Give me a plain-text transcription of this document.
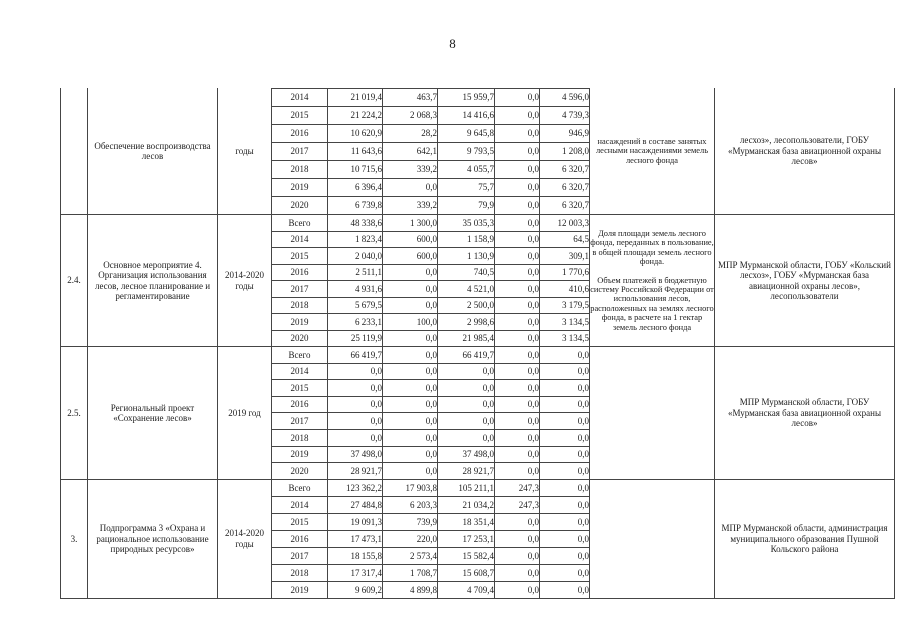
8
	Обеспечение воспроизводства лесов	годы	2014	21 019,4	463,7	15 959,7	0,0	4 596,0	насаждений в составе занятых лесными насаждениями земель лесного фонда	лесхоз», лесопользователи, ГОБУ «Мурманская база авиационной охраны лесов»
			2015	21 224,2	2 068,3	14 416,6	0,0	4 739,3		
			2016	10 620,9	28,2	9 645,8	0,0	946,9		
			2017	11 643,6	642,1	9 793,5	0,0	1 208,0		
			2018	10 715,6	339,2	4 055,7	0,0	6 320,7		
			2019	6 396,4	0,0	75,7	0,0	6 320,7		
			2020	6 739,8	339,2	79,9	0,0	6 320,7		
2.4.	Основное мероприятие 4. Организация использования лесов, лесное планирование и регламентирование	2014-2020 годы	Всего	48 338,6	1 300,0	35 035,3	0,0	12 003,3	Доля площади земель лесного фонда, переданных в пользование, в общей площади земель лесного фонда.

Объем платежей в бюджетную систему Российской Федерации от использования лесов, расположенных на землях лесного фонда, в расчете на 1 гектар земель лесного фонда	МПР Мурманской области, ГОБУ «Кольский лесхоз», ГОБУ «Мурманская база авиационной охраны лесов», лесопользователи
			2014	1 823,4	600,0	1 158,9	0,0	64,5		
			2015	2 040,0	600,0	1 130,9	0,0	309,1		
			2016	2 511,1	0,0	740,5	0,0	1 770,6		
			2017	4 931,6	0,0	4 521,0	0,0	410,6		
			2018	5 679,5	0,0	2 500,0	0,0	3 179,5		
			2019	6 233,1	100,0	2 998,6	0,0	3 134,5		
			2020	25 119,9	0,0	21 985,4	0,0	3 134,5		
2.5.	Региональный проект «Сохранение лесов»	2019 год	Всего	66 419,7	0,0	66 419,7	0,0	0,0		МПР Мурманской области, ГОБУ «Мурманская база авиационной охраны лесов»
			2014	0,0	0,0	0,0	0,0	0,0		
			2015	0,0	0,0	0,0	0,0	0,0		
			2016	0,0	0,0	0,0	0,0	0,0		
			2017	0,0	0,0	0,0	0,0	0,0		
			2018	0,0	0,0	0,0	0,0	0,0		
			2019	37 498,0	0,0	37 498,0	0,0	0,0		
			2020	28 921,7	0,0	28 921,7	0,0	0,0		
3.	Подпрограмма 3 «Охрана и рациональное использование природных ресурсов»	2014-2020 годы	Всего	123 362,2	17 903,8	105 211,1	247,3	0,0		МПР Мурманской области, администрация муниципального образования Пушной Кольского района
			2014	27 484,8	6 203,3	21 034,2	247,3	0,0		
			2015	19 091,3	739,9	18 351,4	0,0	0,0		
			2016	17 473,1	220,0	17 253,1	0,0	0,0		
			2017	18 155,8	2 573,4	15 582,4	0,0	0,0		
			2018	17 317,4	1 708,7	15 608,7	0,0	0,0		
			2019	9 609,2	4 899,8	4 709,4	0,0	0,0		
